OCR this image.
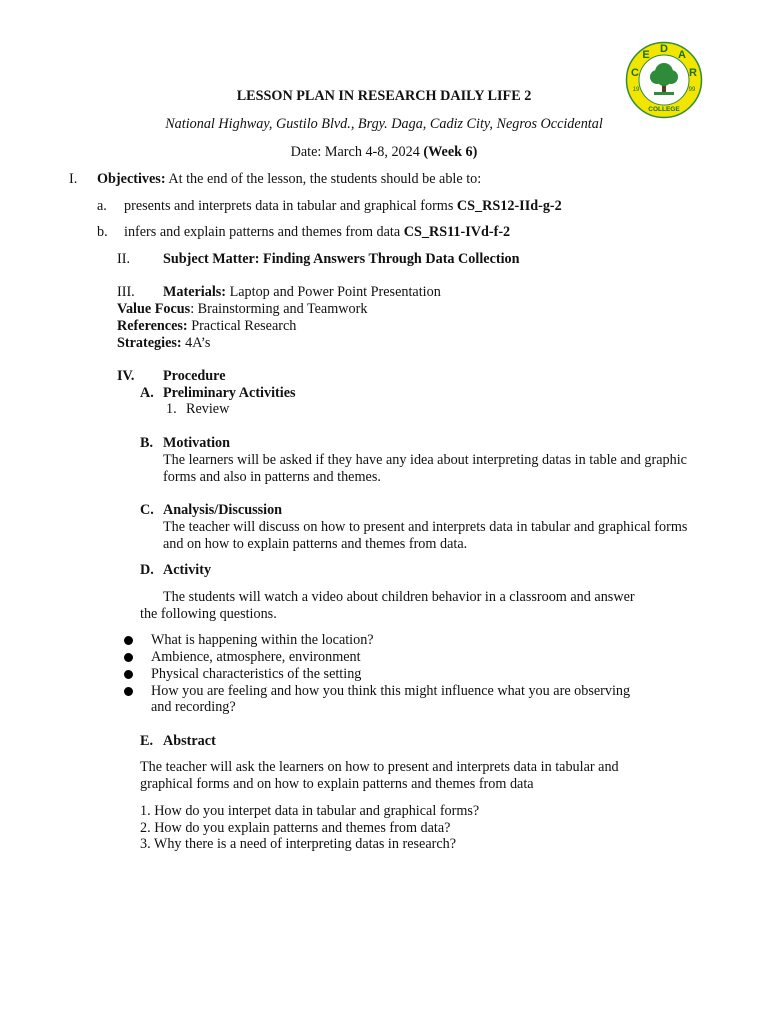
C
E D A
R
19	99
COLLEGE
LESSON PLAN IN RESEARCH DAILY LIFE 2
National Highway, Gustilo Blvd., Brgy. Daga, Cadiz City, Negros Occidental
Date: March 4-8, 2024 (Week 6)
I. Objectives: At the end of the lesson, the students should be able to:
a. presents and interprets data in tabular and graphical forms CS_RS12-IId-g-2
b. infers and explain patterns and themes from data CS_RS11-IVd-f-2
II. Subject Matter: Finding Answers Through Data Collection
III. Materials: Laptop and Power Point Presentation
Value Focus: Brainstorming and Teamwork
References: Practical Research
Strategies: 4A’s
IV. Procedure
A. Preliminary Activities
1. Review
B. Motivation
The learners will be asked if they have any idea about interpreting datas in table and graphic forms and also in patterns and themes.
C. Analysis/Discussion
The teacher will discuss on how to present and interprets data in tabular and graphical forms and on how to explain patterns and themes from data.
D. Activity
The students will watch a video about children behavior in a classroom and answer
the following questions.
What is happening within the location?
Ambience, atmosphere, environment
Physical characteristics of the setting
How you are feeling and how you think this might influence what you are observing
and recording?
E. Abstract
The teacher will ask the learners on how to present and interprets data in tabular and graphical forms and on how to explain patterns and themes from data
1. How do you interpet data in tabular and graphical forms?
2. How do you explain patterns and themes from data?
3. Why there is a need of interpreting datas in research?
